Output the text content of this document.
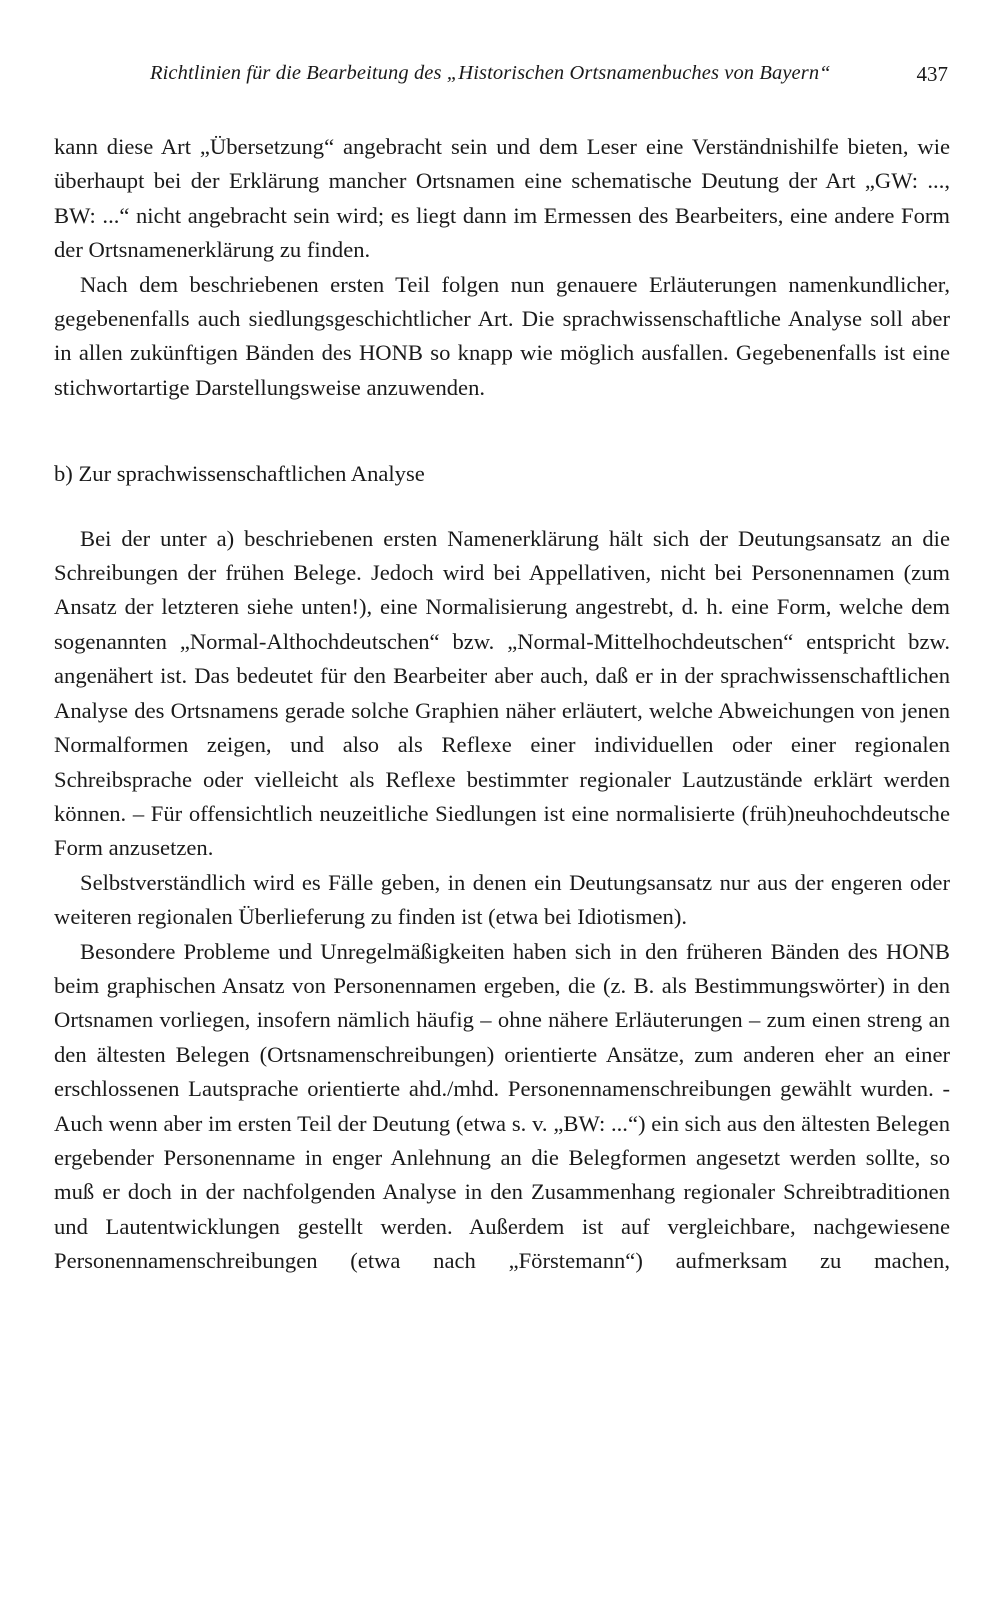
Richtlinien für die Bearbeitung des „Historischen Ortsnamenbuches von Bayern“	437

kann diese Art „Übersetzung“ angebracht sein und dem Leser eine Verständnishilfe bieten, wie überhaupt bei der Erklärung mancher Ortsnamen eine schematische Deutung der Art „GW: ..., BW: ...“ nicht angebracht sein wird; es liegt dann im Ermessen des Bearbeiters, eine andere Form der Ortsnamenerklärung zu finden.

Nach dem beschriebenen ersten Teil folgen nun genauere Erläuterungen namenkundlicher, gegebenenfalls auch siedlungsgeschichtlicher Art. Die sprachwissenschaftliche Analyse soll aber in allen zukünftigen Bänden des HONB so knapp wie möglich ausfallen. Gegebenenfalls ist eine stichwortartige Darstellungsweise anzuwenden.

b) Zur sprachwissenschaftlichen Analyse

Bei der unter a) beschriebenen ersten Namenerklärung hält sich der Deutungsansatz an die Schreibungen der frühen Belege. Jedoch wird bei Appellativen, nicht bei Personennamen (zum Ansatz der letzteren siehe unten!), eine Normalisierung angestrebt, d. h. eine Form, welche dem sogenannten „Normal-Althochdeutschen“ bzw. „Normal-Mittelhochdeutschen“ entspricht bzw. angenähert ist. Das bedeutet für den Bearbeiter aber auch, daß er in der sprachwissenschaftlichen Analyse des Ortsnamens gerade solche Graphien näher erläutert, welche Abweichungen von jenen Normalformen zeigen, und also als Reflexe einer individuellen oder einer regionalen Schreibsprache oder vielleicht als Reflexe bestimmter regionaler Lautzustände erklärt werden können. – Für offensichtlich neuzeitliche Siedlungen ist eine normalisierte (früh)neuhochdeutsche Form anzusetzen.

Selbstverständlich wird es Fälle geben, in denen ein Deutungsansatz nur aus der engeren oder weiteren regionalen Überlieferung zu finden ist (etwa bei Idiotismen).

Besondere Probleme und Unregelmäßigkeiten haben sich in den früheren Bänden des HONB beim graphischen Ansatz von Personennamen ergeben, die (z. B. als Bestimmungswörter) in den Ortsnamen vorliegen, insofern nämlich häufig – ohne nähere Erläuterungen – zum einen streng an den ältesten Belegen (Ortsnamenschreibungen) orientierte Ansätze, zum anderen eher an einer erschlossenen Lautsprache orientierte ahd./mhd. Personennamenschreibungen gewählt wurden. - Auch wenn aber im ersten Teil der Deutung (etwa s. v. „BW: ...“) ein sich aus den ältesten Belegen ergebender Personenname in enger Anlehnung an die Belegformen angesetzt werden sollte, so muß er doch in der nachfolgenden Analyse in den Zusammenhang regionaler Schreibtraditionen und Lautentwicklungen gestellt werden. Außerdem ist auf vergleichbare, nachgewiesene Personennamenschreibungen (etwa nach „Förstemann“) aufmerksam zu machen,
